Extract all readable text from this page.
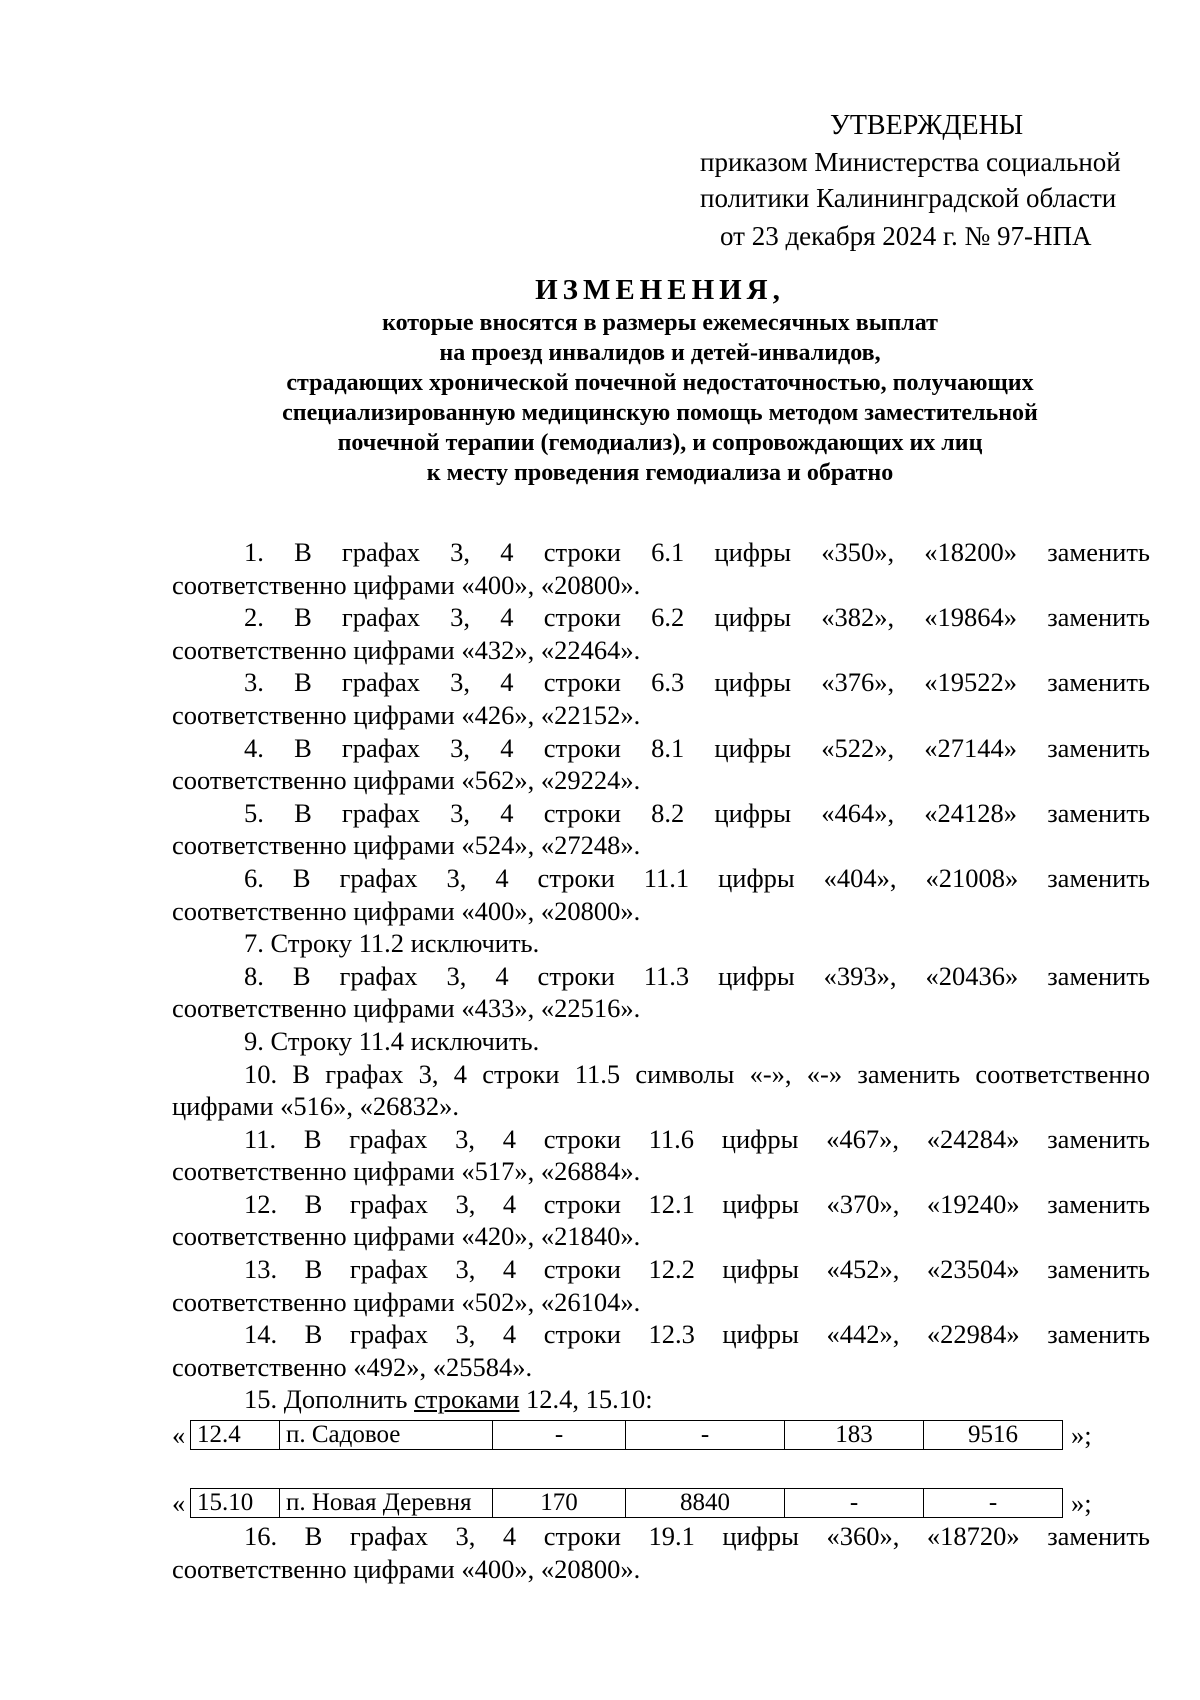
УТВЕРЖДЕНЫ
приказом Министерства социальной
политики Калининградской области
от 23 декабря 2024 г. № 97-НПА
ИЗМЕНЕНИЯ,
которые вносятся в размеры ежемесячных выплат
на проезд инвалидов и детей-инвалидов,
страдающих хронической почечной недостаточностью, получающих
специализированную медицинскую помощь методом заместительной
почечной терапии (гемодиализ), и сопровождающих их лиц
к месту проведения гемодиализа и обратно
1. В графах 3, 4 строки 6.1 цифры «350», «18200» заменить
соответственно цифрами «400», «20800».
2. В графах 3, 4 строки 6.2 цифры «382», «19864» заменить
соответственно цифрами «432», «22464».
3. В графах 3, 4 строки 6.3 цифры «376», «19522» заменить
соответственно цифрами «426», «22152».
4. В графах 3, 4 строки 8.1 цифры «522», «27144» заменить
соответственно цифрами «562», «29224».
5. В графах 3, 4 строки 8.2 цифры «464», «24128» заменить
соответственно цифрами «524», «27248».
6. В графах 3, 4 строки 11.1 цифры «404», «21008» заменить
соответственно цифрами «400», «20800».
7. Строку 11.2 исключить.
8. В графах 3, 4 строки 11.3 цифры «393», «20436» заменить
соответственно цифрами «433», «22516».
9. Строку 11.4 исключить.
10. В графах 3, 4 строки 11.5 символы «-», «-» заменить соответственно
цифрами «516», «26832».
11. В графах 3, 4 строки 11.6 цифры «467», «24284» заменить
соответственно цифрами «517», «26884».
12. В графах 3, 4 строки 12.1 цифры «370», «19240» заменить
соответственно цифрами «420», «21840».
13. В графах 3, 4 строки 12.2 цифры «452», «23504» заменить
соответственно цифрами «502», «26104».
14. В графах 3, 4 строки 12.3 цифры «442», «22984» заменить
соответственно «492», «25584».
15. Дополнить строками 12.4, 15.10:
« 12.4	п. Садовое	-	-	183	9516	»;
« 15.10	п. Новая Деревня	170	8840	-	-	»;
16. В графах 3, 4 строки 19.1 цифры «360», «18720» заменить
соответственно цифрами «400», «20800».
